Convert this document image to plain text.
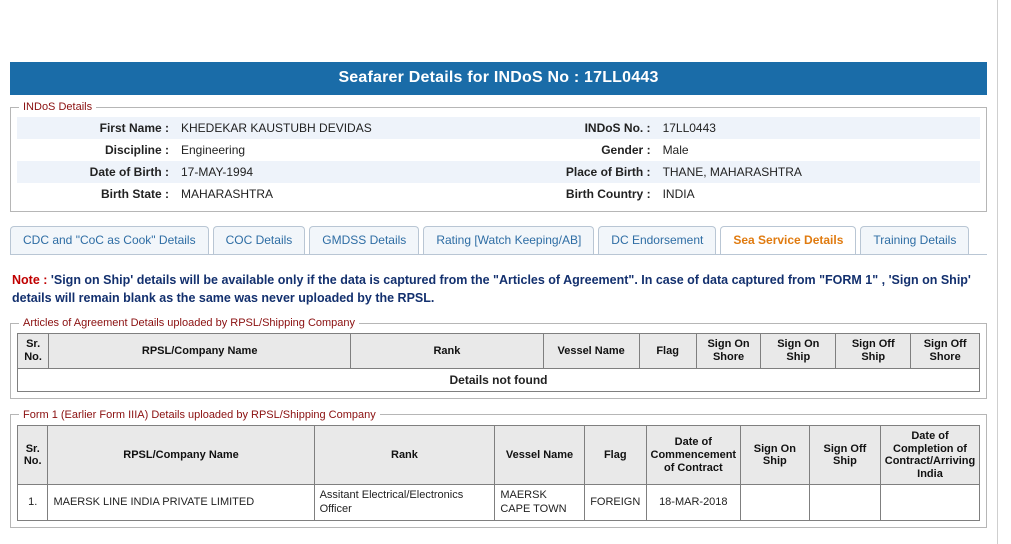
Seafarer Details for INDoS No : 17LL0443
INDoS Details
First Name :	KHEDEKAR KAUSTUBH DEVIDAS	INDoS No. :	17LL0443
Discipline :	Engineering	Gender :	Male
Date of Birth :	17-MAY-1994	Place of Birth :	THANE, MAHARASHTRA
Birth State :	MAHARASHTRA	Birth Country :	INDIA
CDC and "CoC as Cook" Details	COC Details	GMDSS Details	Rating [Watch Keeping/AB]	DC Endorsement	Sea Service Details	Training Details
Note : 'Sign on Ship' details will be available only if the data is captured from the "Articles of Agreement". In case of data captured from "FORM 1" , 'Sign on Ship' details will remain blank as the same was never uploaded by the RPSL.
Articles of Agreement Details uploaded by RPSL/Shipping Company
Sr. No.	RPSL/Company Name	Rank	Vessel Name	Flag	Sign On Shore	Sign On Ship	Sign Off Ship	Sign Off Shore
Details not found
Form 1 (Earlier Form IIIA) Details uploaded by RPSL/Shipping Company
Sr. No.	RPSL/Company Name	Rank	Vessel Name	Flag	Date of Commencement of Contract	Sign On Ship	Sign Off Ship	Date of Completion of Contract/Arriving India
1.	MAERSK LINE INDIA PRIVATE LIMITED	Assitant Electrical/Electronics Officer	MAERSK CAPE TOWN	FOREIGN	18-MAR-2018			
